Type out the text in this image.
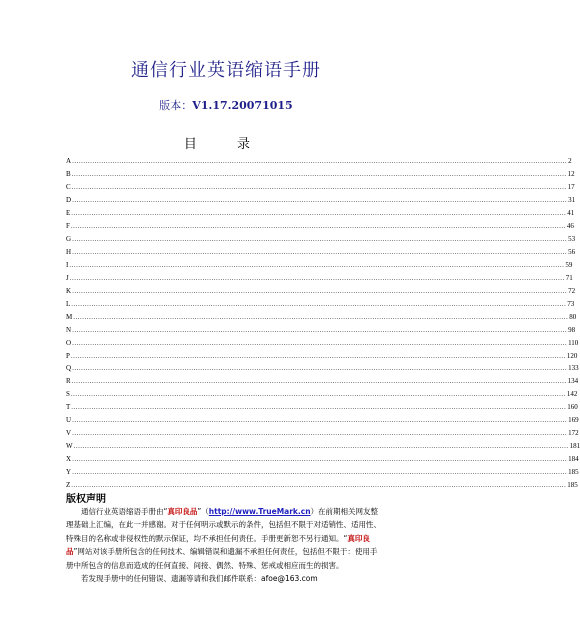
通信行业英语缩语手册
版本：V1.17.20071015
目 录
A ............................................................................................................................................................................................................................ 2
B ............................................................................................................................................................................................................................ 12
C ............................................................................................................................................................................................................................ 17
D ............................................................................................................................................................................................................................ 31
E ............................................................................................................................................................................................................................ 41
F ............................................................................................................................................................................................................................ 46
G ............................................................................................................................................................................................................................ 53
H ............................................................................................................................................................................................................................ 56
I ............................................................................................................................................................................................................................ 59
J ............................................................................................................................................................................................................................ 71
K ............................................................................................................................................................................................................................ 72
L ............................................................................................................................................................................................................................ 73
M ............................................................................................................................................................................................................................ 80
N ............................................................................................................................................................................................................................ 98
O ............................................................................................................................................................................................................................ 110
P ............................................................................................................................................................................................................................ 120
Q ............................................................................................................................................................................................................................ 133
R ............................................................................................................................................................................................................................ 134
S ............................................................................................................................................................................................................................ 142
T ............................................................................................................................................................................................................................ 160
U ............................................................................................................................................................................................................................ 169
V ............................................................................................................................................................................................................................ 172
W ............................................................................................................................................................................................................................ 181
X ............................................................................................................................................................................................................................ 184
Y ............................................................................................................................................................................................................................ 185
Z ............................................................................................................................................................................................................................ 185
版权声明

通信行业英语缩语手册由“真印良品”（http://www.TrueMark.cn）在前期相关网友整理基础上汇编，在此一并感谢。对于任何明示或默示的条件，包括但不限于对适销性、适用性、特殊目的名称或非侵权性的默示保证，均不承担任何责任。手册更新恕不另行通知。“真印良品”网站对该手册所包含的任何技术、编辑错误和遗漏不承担任何责任，包括但不限于：使用手册中所包含的信息而造成的任何直接、间接、偶然、特殊、惩戒或相应而生的损害。

若发现手册中的任何错误、遗漏等请和我们邮件联系：afoe@163.com
